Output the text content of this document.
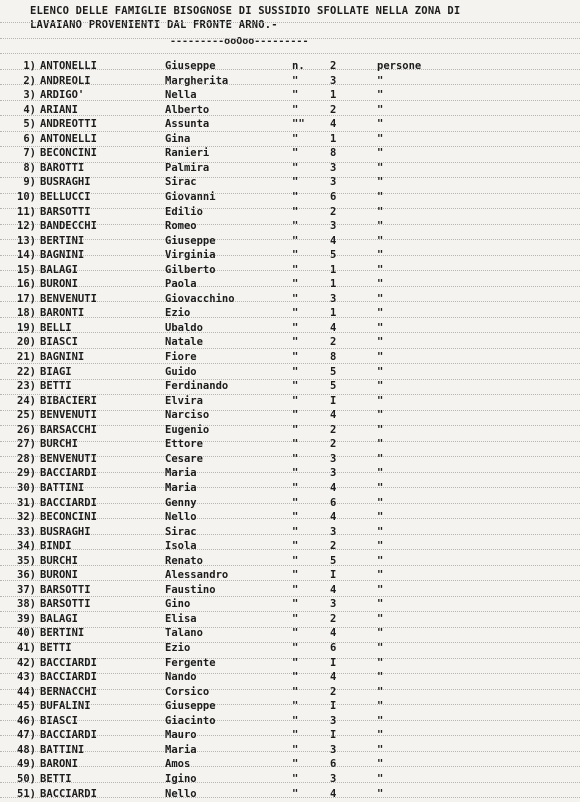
ELENCO DELLE FAMIGLIE BISOGNOSE DI SUSSIDIO SFOLLATE NELLA ZONA DI
LAVAIANO PROVENIENTI DAL FRONTE ARNO.-
---------ooOoo---------
1) ANTONELLI	Giuseppe	n. 2	persone
2) ANDREOLI	Margherita	"	3	"
3) ARDIGO'	Nella	"	1	"
4) ARIANI	Alberto	"	2	"
5) ANDREOTTI	Assunta	"" 4	"
6) ANTONELLI	Gina	"	1	"
7) BECONCINI	Ranieri	"	8	"
8) BAROTTI	Palmira	"	3	"
9) BUSRAGHI	Sirac	"	3	"
10) BELLUCCI	Giovanni	"	6	"
11) BARSOTTI	Edilio	"	2	"
12) BANDECCHI	Romeo	"	3	"
13) BERTINI	Giuseppe	"	4	"
14) BAGNINI	Virginia	"	5	"
15) BALAGI	Gilberto	"	1	"
16) BURONI	Paola	"	1	"
17) BENVENUTI	Giovacchino	"	3	"
18) BARONTI	Ezio	"	1	"
19) BELLI	Ubaldo	"	4	"
20) BIASCI	Natale	"	2	"
21) BAGNINI	Fiore	"	8	"
22) BIAGI	Guido	"	5	"
23) BETTI	Ferdinando	"	5	"
24) BIBACIERI	Elvira	"	I	"
25) BENVENUTI	Narciso	"	4	"
26) BARSACCHI	Eugenio	"	2	"
27) BURCHI	Ettore	"	2	"
28) BENVENUTI	Cesare	"	3	"
29) BACCIARDI	Maria	"	3	"
30) BATTINI	Maria	"	4	"
31) BACCIARDI	Genny	"	6	"
32) BECONCINI	Nello	"	4	"
33) BUSRAGHI	Sirac	"	3	"
34) BINDI	Isola	"	2	"
35) BURCHI	Renato	"	5	"
36) BURONI	Alessandro	"	I	"
37) BARSOTTI	Faustino	"	4	"
38) BARSOTTI	Gino	"	3	"
39) BALAGI	Elisa	"	2	"
40) BERTINI	Talano	"	4	"
41) BETTI	Ezio	"	6	"
42) BACCIARDI	Fergente	"	I	"
43) BACCIARDI	Nando	"	4	"
44) BERNACCHI	Corsico	"	2	"
45) BUFALINI	Giuseppe	"	I	"
46) BIASCI	Giacinto	"	3	"
47) BACCIARDI	Mauro	"	I	"
48) BATTINI	Maria	"	3	"
49) BARONI	Amos	"	6	"
50) BETTI	Igino	"	3	"
51) BACCIARDI	Nello	"	4	"
